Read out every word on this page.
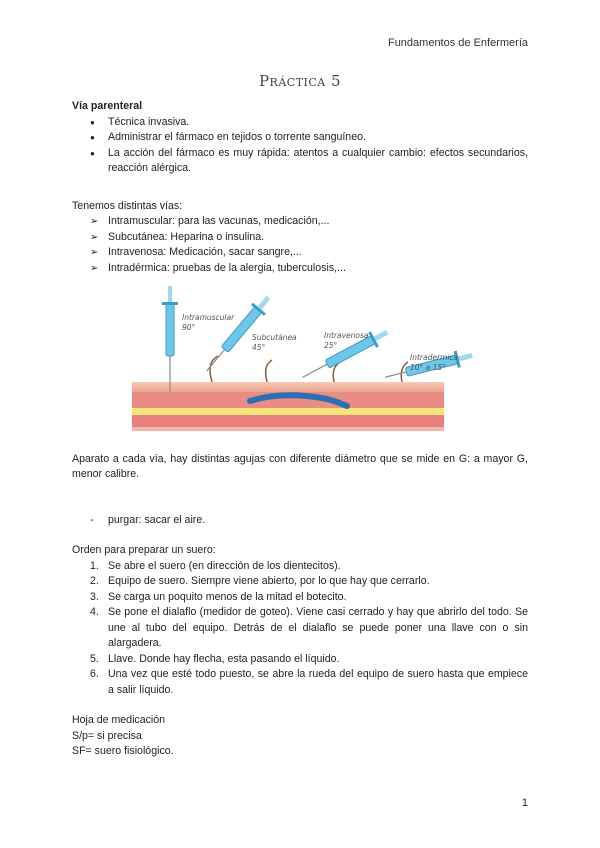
Fundamentos de Enfermería
Práctica 5

Vía parenteral

● Técnica invasiva.
● Administrar el fármaco en tejidos o torrente sanguíneo.
● La acción del fármaco es muy rápida: atentos a cualquier cambio: efectos secundarios, reacción alérgica.

Tenemos distintas vías:

➢ Intramuscular: para las vacunas, medicación,...
➢ Subcutánea: Heparina o insulina.
➢ Intravenosa: Medicación, sacar sangre,...
➢ Intradérmica: pruebas de la alergia, tuberculosis,...
Intramuscular
90°
Subcutánea
45°
Intravenosa
25°
Intradermica
10° a 15°

Aparato a cada vía, hay distintas agujas con diferente diámetro que se mide en G: a mayor G, menor calibre.

- purgar: sacar el aire.

Orden para preparar un suero:

1. Se abre el suero (en dirección de los dientecitos).
2. Equipo de suero. Siempre viene abierto, por lo que hay que cerrarlo.
3. Se carga un poquito menos de la mitad el botecito.
4. Se pone el dialaflo (medidor de goteo). Viene casi cerrado y hay que abrirlo del todo. Se une al tubo del equipo. Detrás de el dialaflo se puede poner una llave con o sin alargadera.
5. Llave. Donde hay flecha, esta pasando el líquido.
6. Una vez que esté todo puesto, se abre la rueda del equipo de suero hasta que empiece a salir líquido.

Hoja de medicación

S/p= si precisa

SF= suero fisiológico.

1
